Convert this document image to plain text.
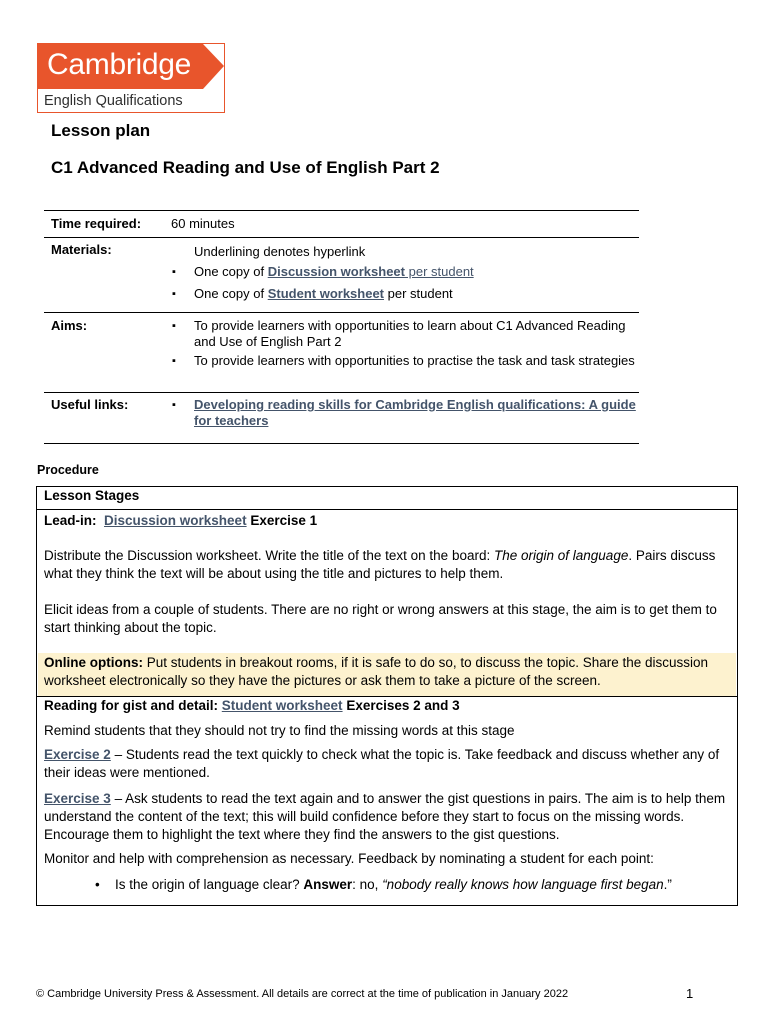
Cambridge
English Qualifications
Lesson plan
C1 Advanced Reading and Use of English Part 2
Time required: 60 minutes
Materials:	Underlining denotes hyperlink
▪ One copy of Discussion worksheet per student
▪ One copy of Student worksheet per student
Aims:	▪ To provide learners with opportunities to learn about C1 Advanced Reading and Use of English Part 2
▪ To provide learners with opportunities to practise the task and task strategies
Useful links:	▪ Developing reading skills for Cambridge English qualifications: A guide for teachers
Procedure

Lesson Stages

Lead-in: Discussion worksheet Exercise 1

Distribute the Discussion worksheet. Write the title of the text on the board: The origin of language. Pairs discuss what they think the text will be about using the title and pictures to help them.

Elicit ideas from a couple of students. There are no right or wrong answers at this stage, the aim is to get them to start thinking about the topic.

Online options: Put students in breakout rooms, if it is safe to do so, to discuss the topic. Share the discussion worksheet electronically so they have the pictures or ask them to take a picture of the screen.

Reading for gist and detail: Student worksheet Exercises 2 and 3

Remind students that they should not try to find the missing words at this stage

Exercise 2 – Students read the text quickly to check what the topic is. Take feedback and discuss whether any of their ideas were mentioned.

Exercise 3 – Ask students to read the text again and to answer the gist questions in pairs. The aim is to help them understand the content of the text; this will build confidence before they start to focus on the missing words. Encourage them to highlight the text where they find the answers to the gist questions.

Monitor and help with comprehension as necessary. Feedback by nominating a student for each point:

• Is the origin of language clear? Answer: no, “nobody really knows how language first began.”

© Cambridge University Press & Assessment. All details are correct at the time of publication in January 2022	1
